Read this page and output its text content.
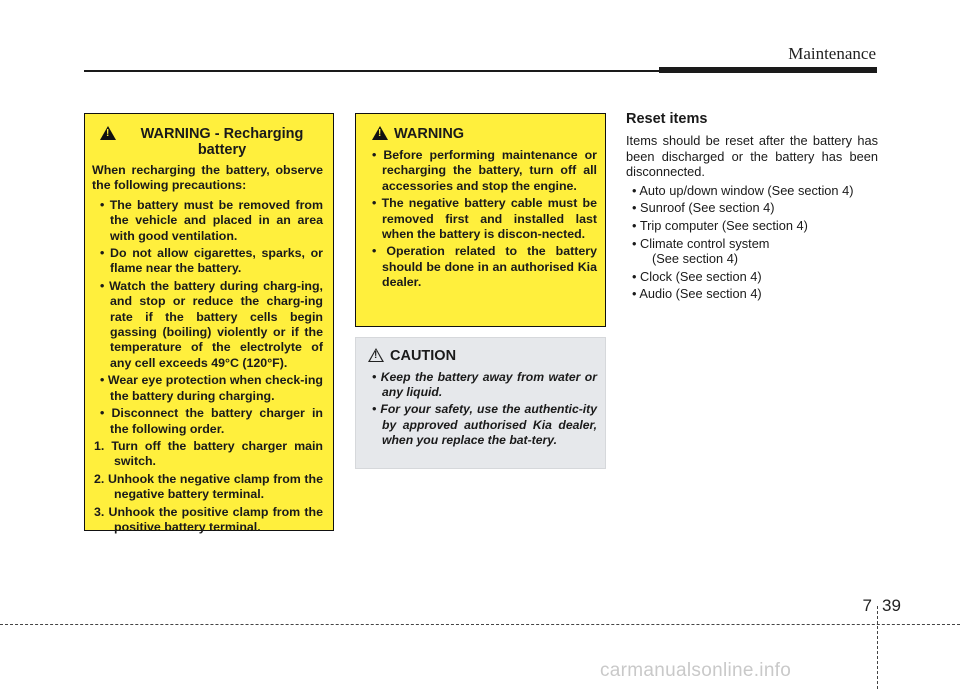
Maintenance
!
WARNING - Recharging
battery
When recharging the battery, observe the following precautions:
• The battery must be removed from the vehicle and placed in an area with good ventilation.
• Do not allow cigarettes, sparks, or flame near the battery.
• Watch the battery during charg-ing, and stop or reduce the charg-ing rate if the battery cells begin gassing (boiling) violently or if the temperature of the electrolyte of any cell exceeds 49°C (120°F).
• Wear eye protection when check-ing the battery during charging.
• Disconnect the battery charger in the following order.
1. Turn off the battery charger main switch.
2. Unhook the negative clamp from the negative battery terminal.
3. Unhook the positive clamp from the positive battery terminal.
!
WARNING
• Before performing maintenance or recharging the battery, turn off all accessories and stop the engine.
• The negative battery cable must be removed first and installed last when the battery is discon-nected.
• Operation related to the battery should be done in an authorised Kia dealer.
!
CAUTION
• Keep the battery away from water or any liquid.
• For your safety, use the authentic-ity by approved authorised Kia dealer, when you replace the bat-tery.
Reset items
Items should be reset after the battery has been discharged or the battery has been disconnected.
• Auto up/down window (See section 4)
• Sunroof (See section 4)
• Trip computer (See section 4)
• Climate control system
(See section 4)
• Clock (See section 4)
• Audio (See section 4)
7 39
carmanualsonline.info
